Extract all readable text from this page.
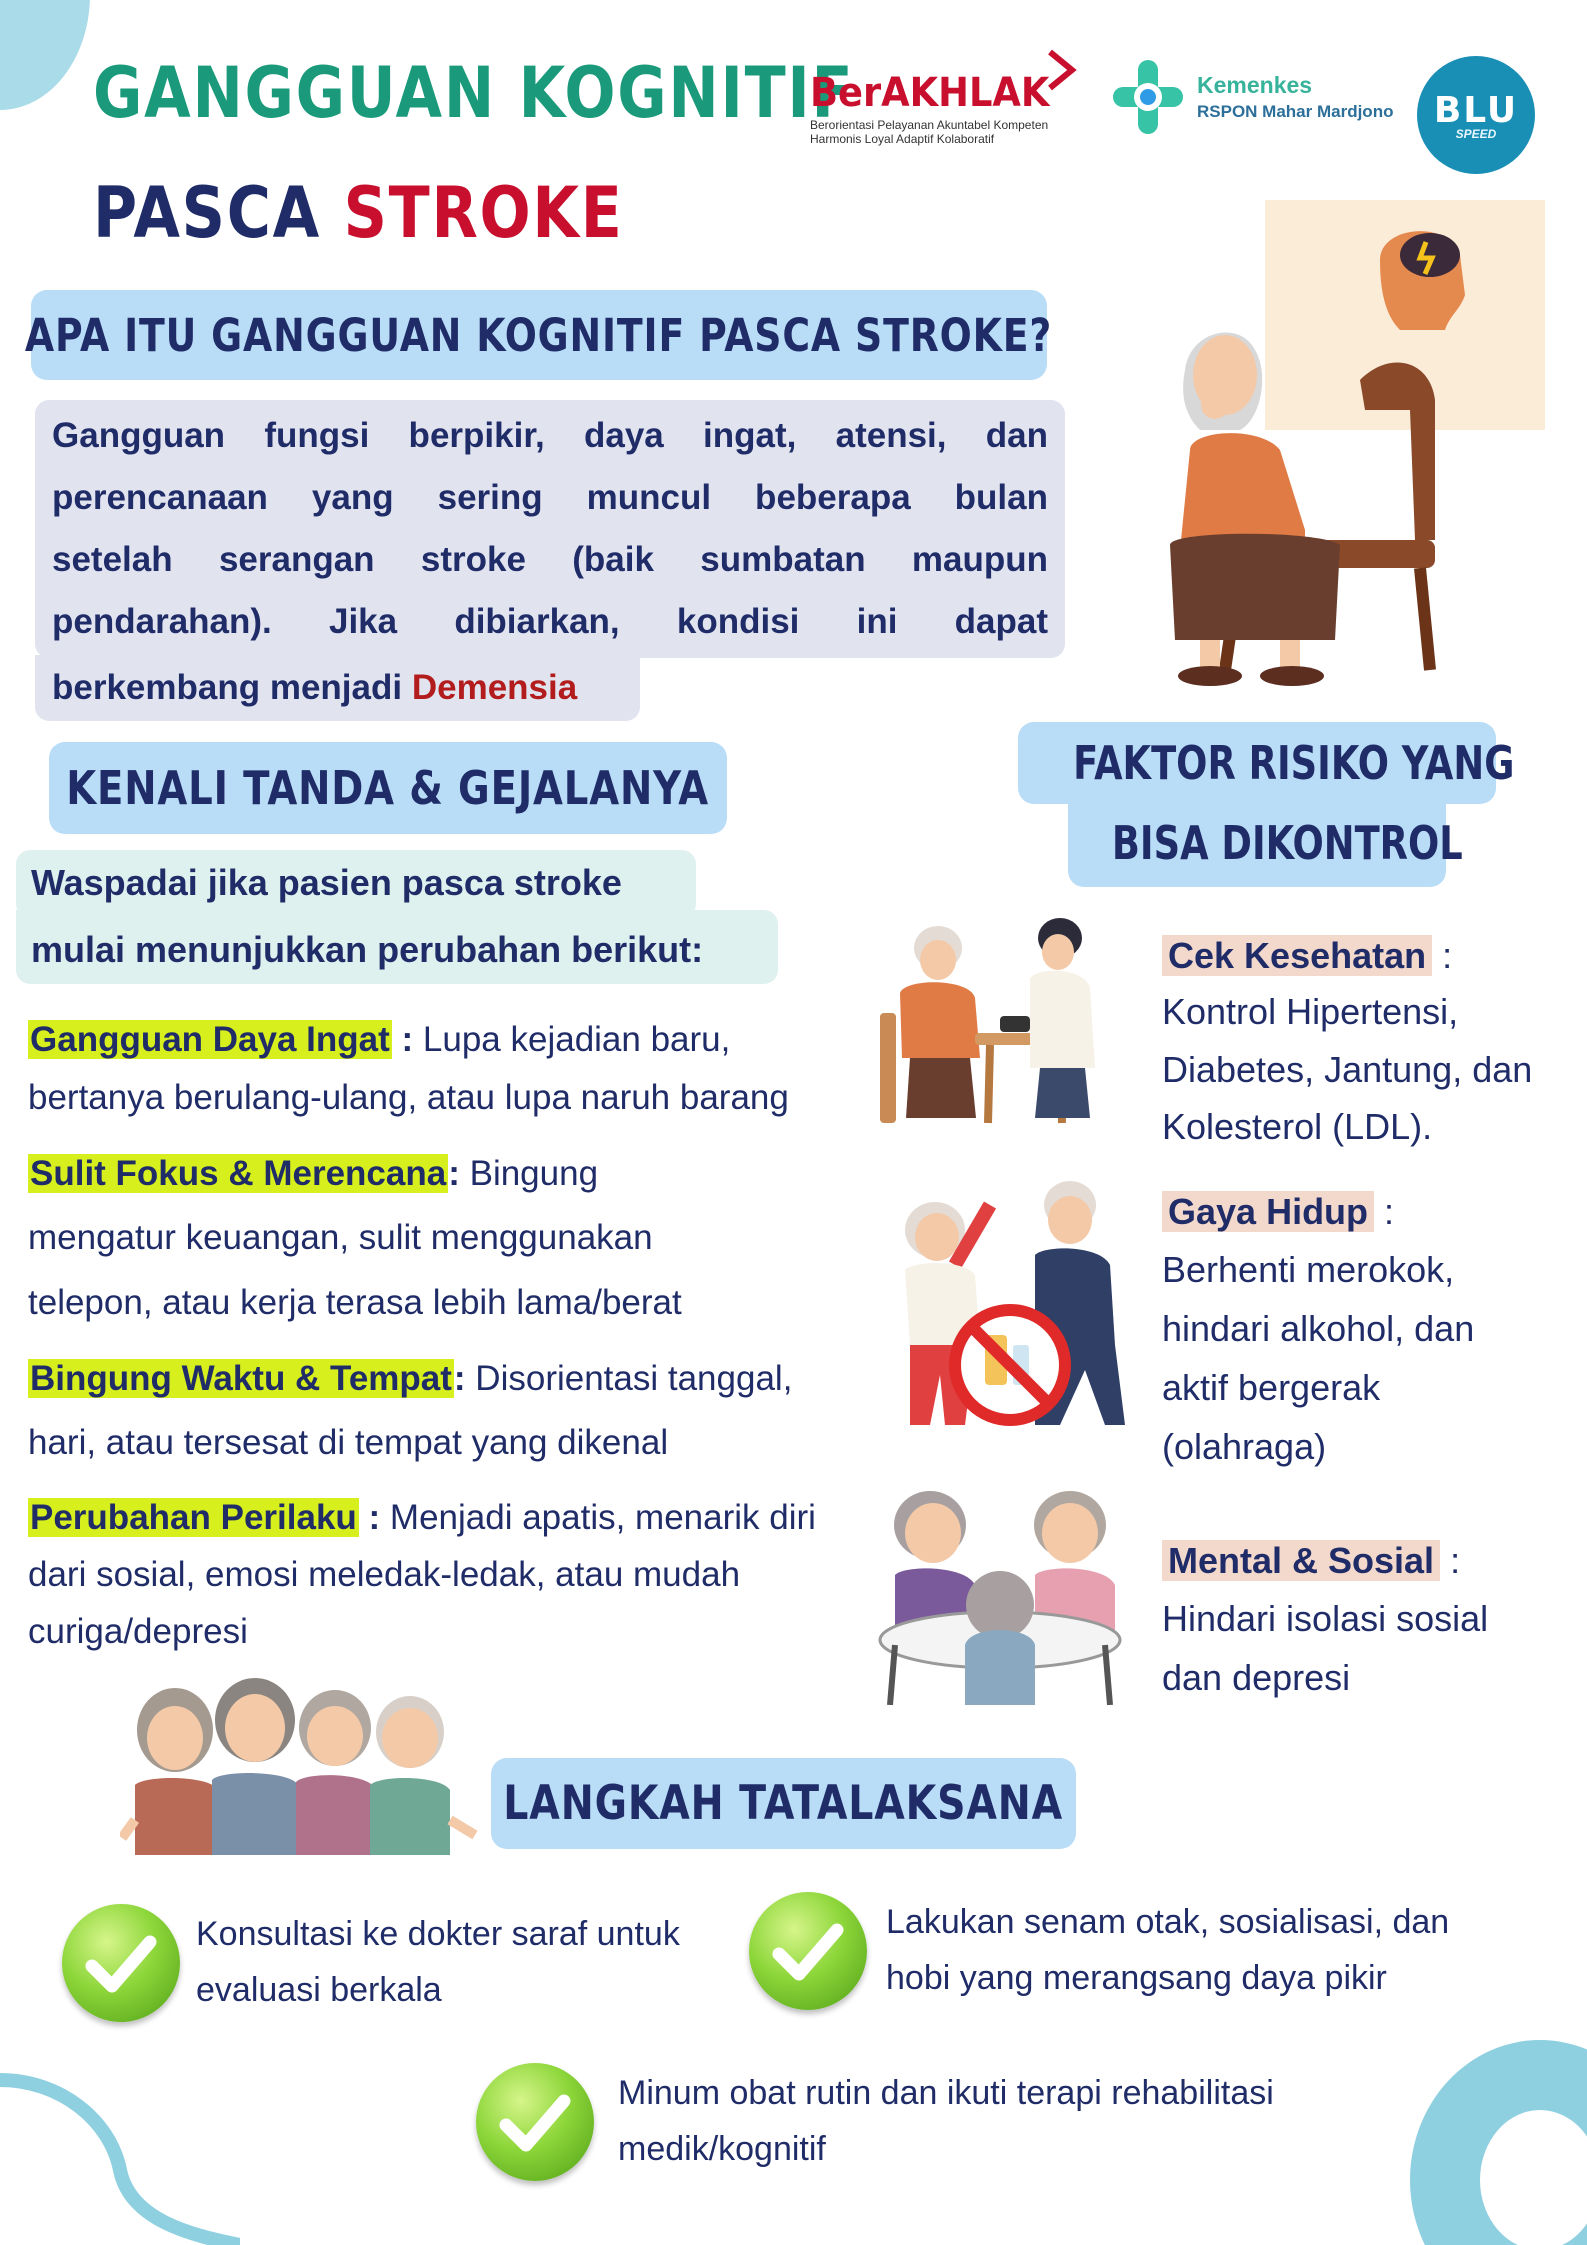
GANGGUAN KOGNITIF
PASCA STROKE
BerAKHLAK
Berorientasi Pelayanan Akuntabel Kompeten
Harmonis Loyal Adaptif Kolaboratif
Kemenkes
RSPON Mahar Mardjono BLU
SPEED
APA ITU GANGGUAN KOGNITIF PASCA STROKE?
Gangguan fungsi berpikir, daya ingat, atensi, dan
perencanaan yang sering muncul beberapa bulan
setelah serangan stroke (baik sumbatan maupun
pendarahan). Jika dibiarkan, kondisi ini dapat
berkembang menjadi Demensia
KENALI TANDA & GEJALANYA
Waspadai jika pasien pasca stroke
mulai menunjukkan perubahan berikut:
Gangguan Daya Ingat : Lupa kejadian baru,
bertanya berulang-ulang, atau lupa naruh barang
Sulit Fokus & Merencana: Bingung
mengatur keuangan, sulit menggunakan
telepon, atau kerja terasa lebih lama/berat
Bingung Waktu & Tempat: Disorientasi tanggal,
hari, atau tersesat di tempat yang dikenal
Perubahan Perilaku : Menjadi apatis, menarik diri
dari sosial, emosi meledak-ledak, atau mudah
curiga/depresi
FAKTOR RISIKO YANG
BISA DIKONTROL
Cek Kesehatan :
Kontrol Hipertensi,
Diabetes, Jantung, dan
Kolesterol (LDL).
Gaya Hidup :
Berhenti merokok,
hindari alkohol, dan
aktif bergerak
(olahraga)
Mental & Sosial :
Hindari isolasi sosial
dan depresi
LANGKAH TATALAKSANA
Konsultasi ke dokter saraf untuk
evaluasi berkala
Lakukan senam otak, sosialisasi, dan
hobi yang merangsang daya pikir
Minum obat rutin dan ikuti terapi rehabilitasi
medik/kognitif
